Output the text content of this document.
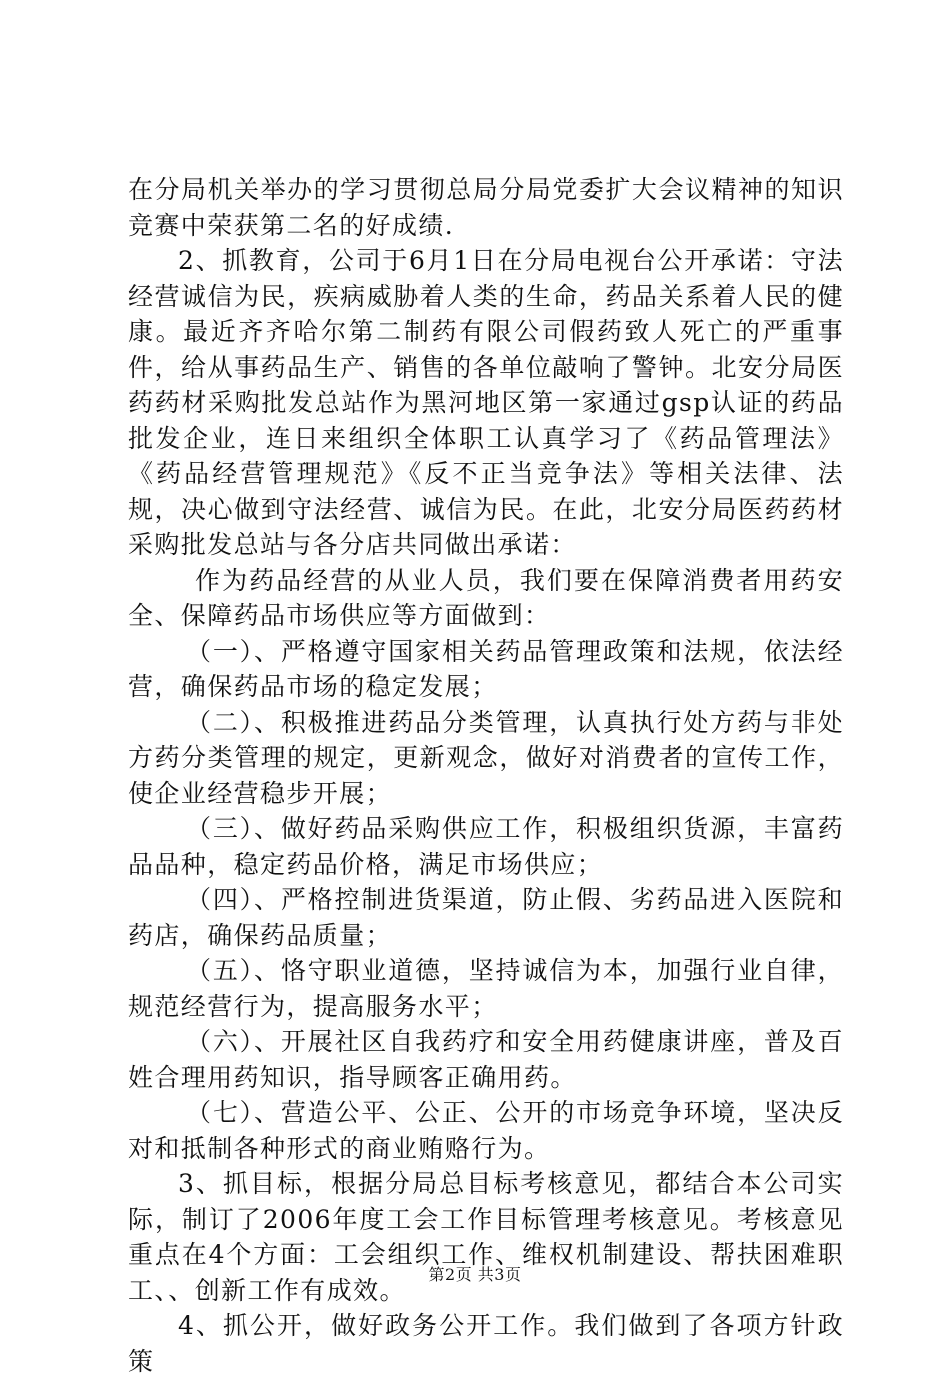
在分局机关举办的学习贯彻总局分局党委扩大会议精神的知识竞赛中荣获第二名的好成绩.

2、抓教育，公司于6月1日在分局电视台公开承诺：守法经营诚信为民，疾病威胁着人类的生命，药品关系着人民的健康。最近齐齐哈尔第二制药有限公司假药致人死亡的严重事件，给从事药品生产、销售的各单位敲响了警钟。北安分局医药药材采购批发总站作为黑河地区第一家通过gsp认证的药品批发企业，连日来组织全体职工认真学习了《药品管理法》《药品经营管理规范》《反不正当竞争法》等相关法律、法规，决心做到守法经营、诚信为民。在此，北安分局医药药材采购批发总站与各分店共同做出承诺：

作为药品经营的从业人员，我们要在保障消费者用药安全、保障药品市场供应等方面做到：

（一）、严格遵守国家相关药品管理政策和法规，依法经营，确保药品市场的稳定发展；

（二）、积极推进药品分类管理，认真执行处方药与非处方药分类管理的规定，更新观念，做好对消费者的宣传工作，使企业经营稳步开展；

（三）、做好药品采购供应工作，积极组织货源，丰富药品品种，稳定药品价格，满足市场供应；

（四）、严格控制进货渠道，防止假、劣药品进入医院和药店，确保药品质量；

（五）、恪守职业道德，坚持诚信为本，加强行业自律，规范经营行为，提高服务水平；

（六）、开展社区自我药疗和安全用药健康讲座，普及百姓合理用药知识，指导顾客正确用药。

（七）、营造公平、公正、公开的市场竞争环境，坚决反对和抵制各种形式的商业贿赂行为。

3、抓目标，根据分局总目标考核意见，都结合本公司实际，制订了2006年度工会工作目标管理考核意见。考核意见重点在4个方面：工会组织工作、维权机制建设、帮扶困难职工、、创新工作有成效。

4、抓公开，做好政务公开工作。我们做到了各项方针政策

第2页 共3页
